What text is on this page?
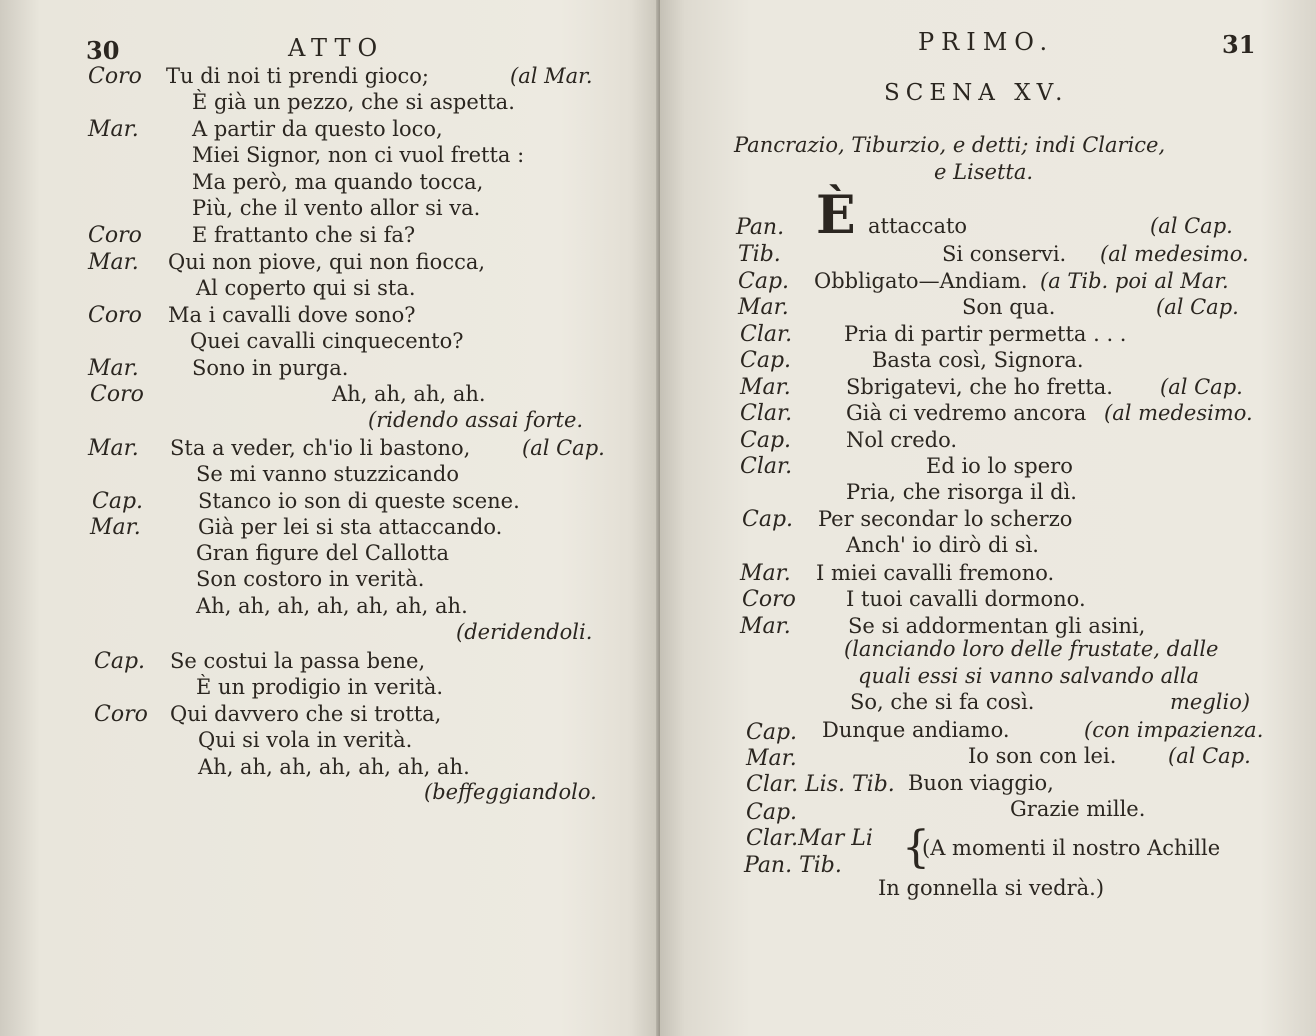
30	ATTO
Coro Tu di noi ti prendi gioco;	(al Mar.
È già un pezzo, che si aspetta.
Mar.	A partir da questo loco,
Miei Signor, non ci vuol fretta :
Ma però, ma quando tocca,
Più, che il vento allor si va.
Coro E frattanto che si fa?
Mar. Qui non piove, qui non fiocca,
Al coperto qui si sta.
Coro Ma i cavalli dove sono?
Quei cavalli cinquecento?
Mar.	Sono in purga.
Coro	Ah, ah, ah, ah.
(ridendo assai forte.
Mar. Sta a veder, ch'io li bastono, (al Cap.
Se mi vanno stuzzicando
Cap.	Stanco io son di queste scene.
Mar.	Già per lei si sta attaccando.
Gran figure del Callotta
Son costoro in verità.
Ah, ah, ah, ah, ah, ah, ah.
(deridendoli.
Cap. Se costui la passa bene,
È un prodigio in verità.
Coro Qui davvero che si trotta,
Qui si vola in verità.
Ah, ah, ah, ah, ah, ah, ah.
(beffeggiandolo.
PRIMO.	31
SCENA XV.
Pancrazio, Tiburzio, e detti; indi Clarice,
e Lisetta.
Pan. È attaccato	(al Cap.
Tib.	Si conservi. (al medesimo.
Cap. Obbligato—Andiam. (a Tib. poi al Mar.
Mar.	Son qua.	(al Cap.
Clar. Pria di partir permetta . . .
Cap.	Basta così, Signora.
Mar.	Sbrigatevi, che ho fretta. (al Cap.
Clar.	Già ci vedremo ancora (al medesimo.
Cap.	Nol credo.
Clar.	Ed io lo spero
Pria, che risorga il dì.
Cap. Per secondar lo scherzo
Anch' io dirò di sì.
Mar. I miei cavalli fremono.
Coro I tuoi cavalli dormono.
Mar.	Se si addormentan gli asini,
(lanciando loro delle frustate, dalle
quali essi si vanno salvando alla
So, che si fa così.	meglio)
Cap. Dunque andiamo.	(con impazienza.
Mar.	Io son con lei. (al Cap.
Clar. Lis. Tib. Buon viaggio,
Cap.	Grazie mille.
Clar.Mar Li
Pan. Tib. {
(A momenti il nostro Achille
In gonnella si vedrà.)
